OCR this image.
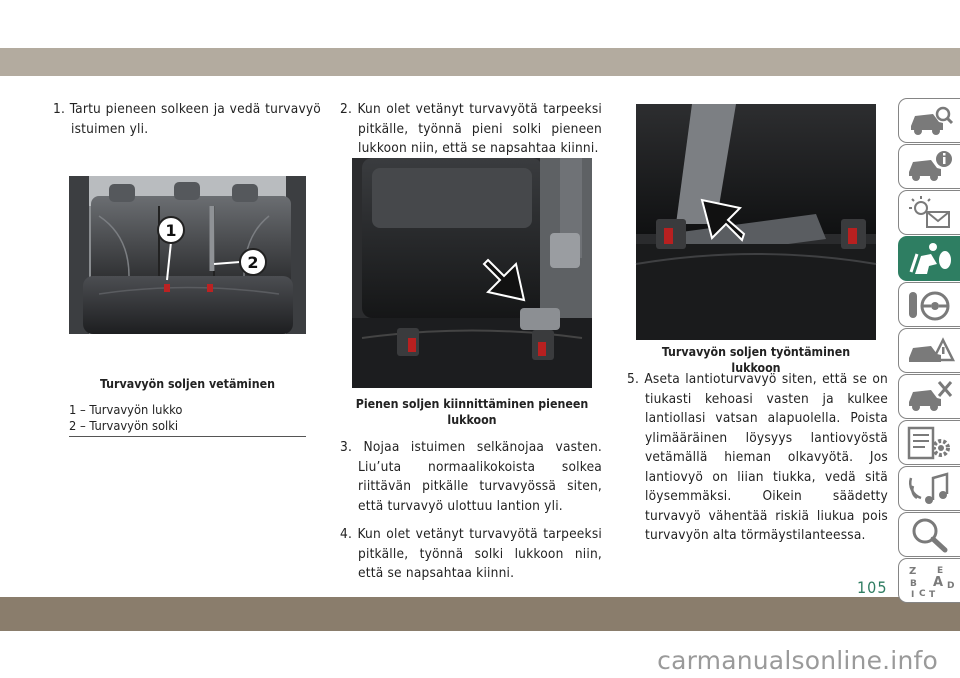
carmanualsonline.info

1. Tartu pieneen solkeen ja vedä turvavyö istuimen yli.

1
2
Turvavyön soljen vetäminen
1 – Turvavyön lukko
2 – Turvavyön solki

2. Kun olet vetänyt turvavyötä tarpeeksi pitkälle, työnnä pieni solki pieneen lukkoon niin, että se napsahtaa kiinni.

Pienen soljen kiinnittäminen pieneen lukkoon

3. Nojaa istuimen selkänojaa vasten. Liu’uta normaalikokoista solkea riittävän pitkälle turvavyössä siten, että turvavyö ulottuu lantion yli.

4. Kun olet vetänyt turvavyötä tarpeeksi pitkälle, työnnä solki lukkoon niin, että se napsahtaa kiinni.

Turvavyön soljen työntäminen lukkoon

5. Aseta lantioturvavyö siten, että se on tiukasti kehoasi vasten ja kulkee lantiollasi vatsan alapuolella. Poista ylimääräinen löysyys lantiovyöstä vetämällä hieman olkavyötä. Jos lantiovyö on liian tiukka, vedä sitä löysemmäksi. Oikein säädetty turvavyö vähentää riskiä liukua pois turvavyön alta törmäystilanteessa.

Z E
A
B	D
I C T
105
